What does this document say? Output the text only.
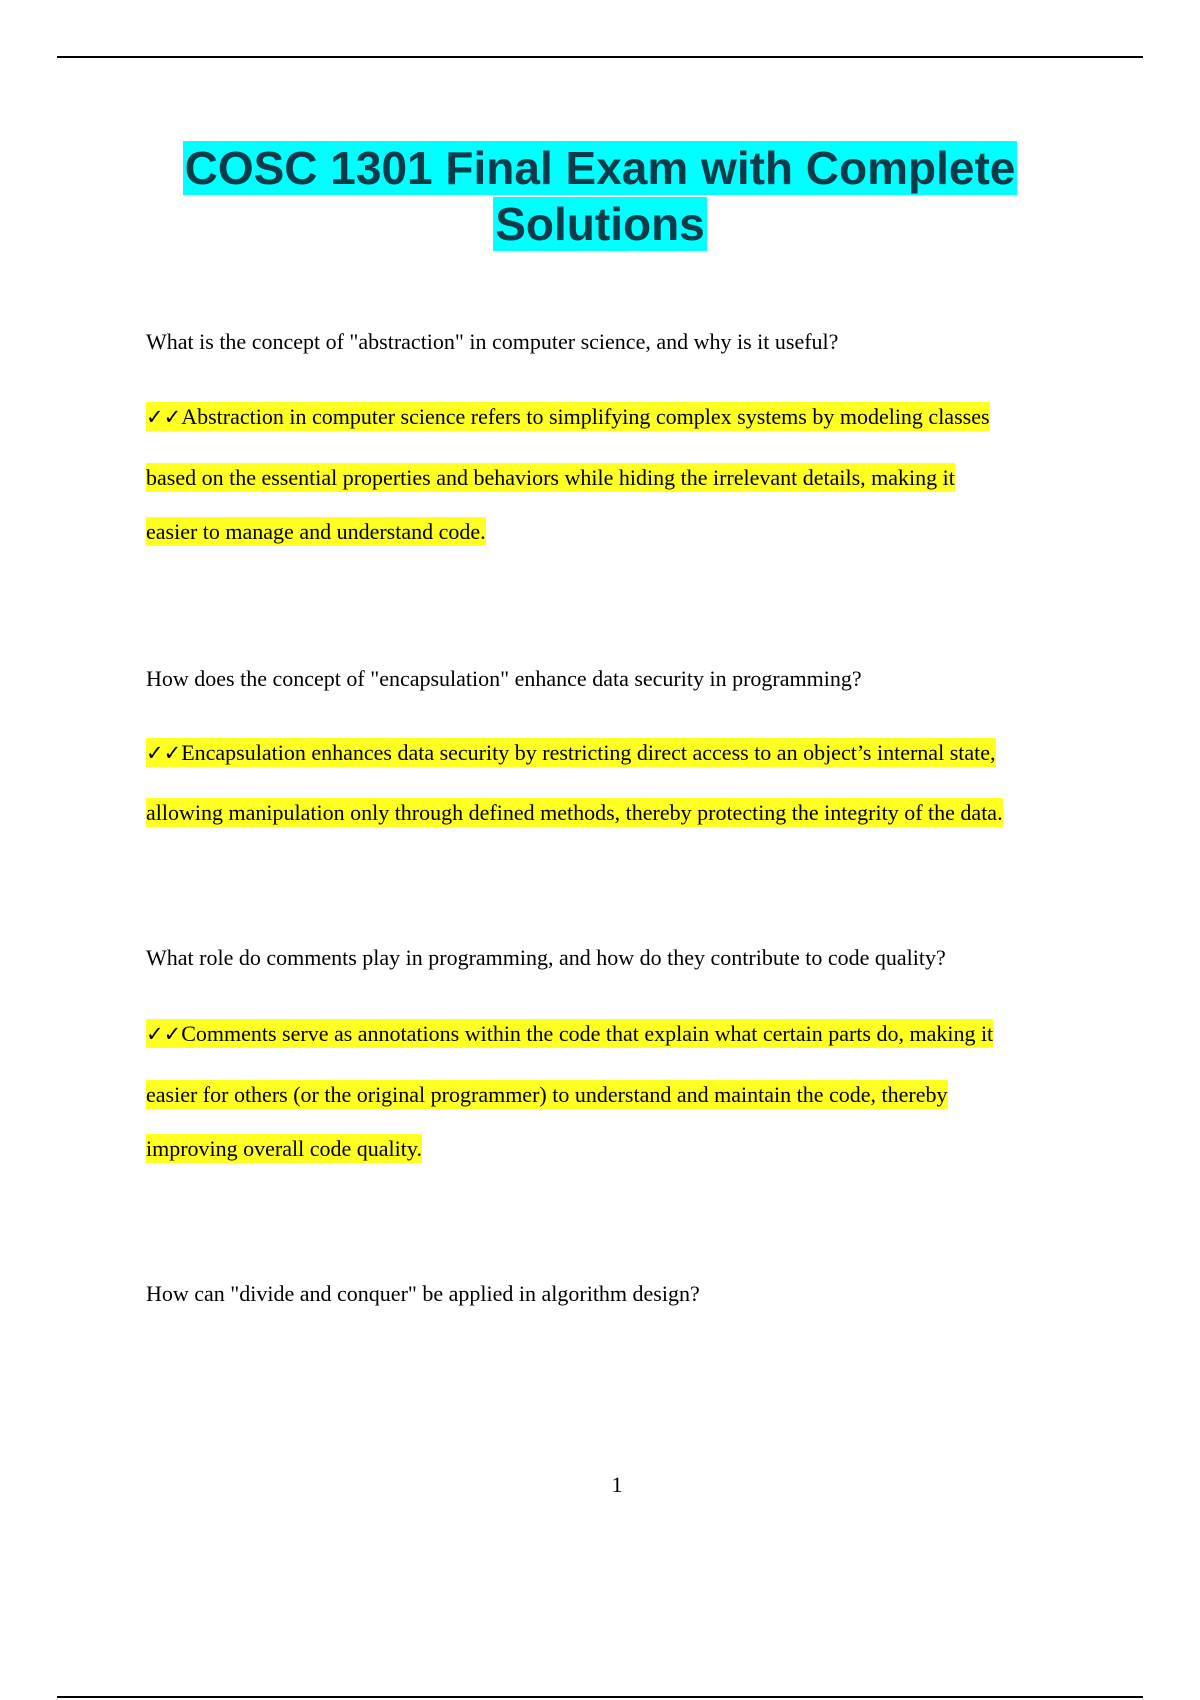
COSC 1301 Final Exam with Complete
Solutions

What is the concept of "abstraction" in computer science, and why is it useful?

✓✓Abstraction in computer science refers to simplifying complex systems by modeling classes
based on the essential properties and behaviors while hiding the irrelevant details, making it
easier to manage and understand code.

How does the concept of "encapsulation" enhance data security in programming?

✓✓Encapsulation enhances data security by restricting direct access to an object’s internal state,
allowing manipulation only through defined methods, thereby protecting the integrity of the data.

What role do comments play in programming, and how do they contribute to code quality?

✓✓Comments serve as annotations within the code that explain what certain parts do, making it
easier for others (or the original programmer) to understand and maintain the code, thereby
improving overall code quality.

How can "divide and conquer" be applied in algorithm design?

1
